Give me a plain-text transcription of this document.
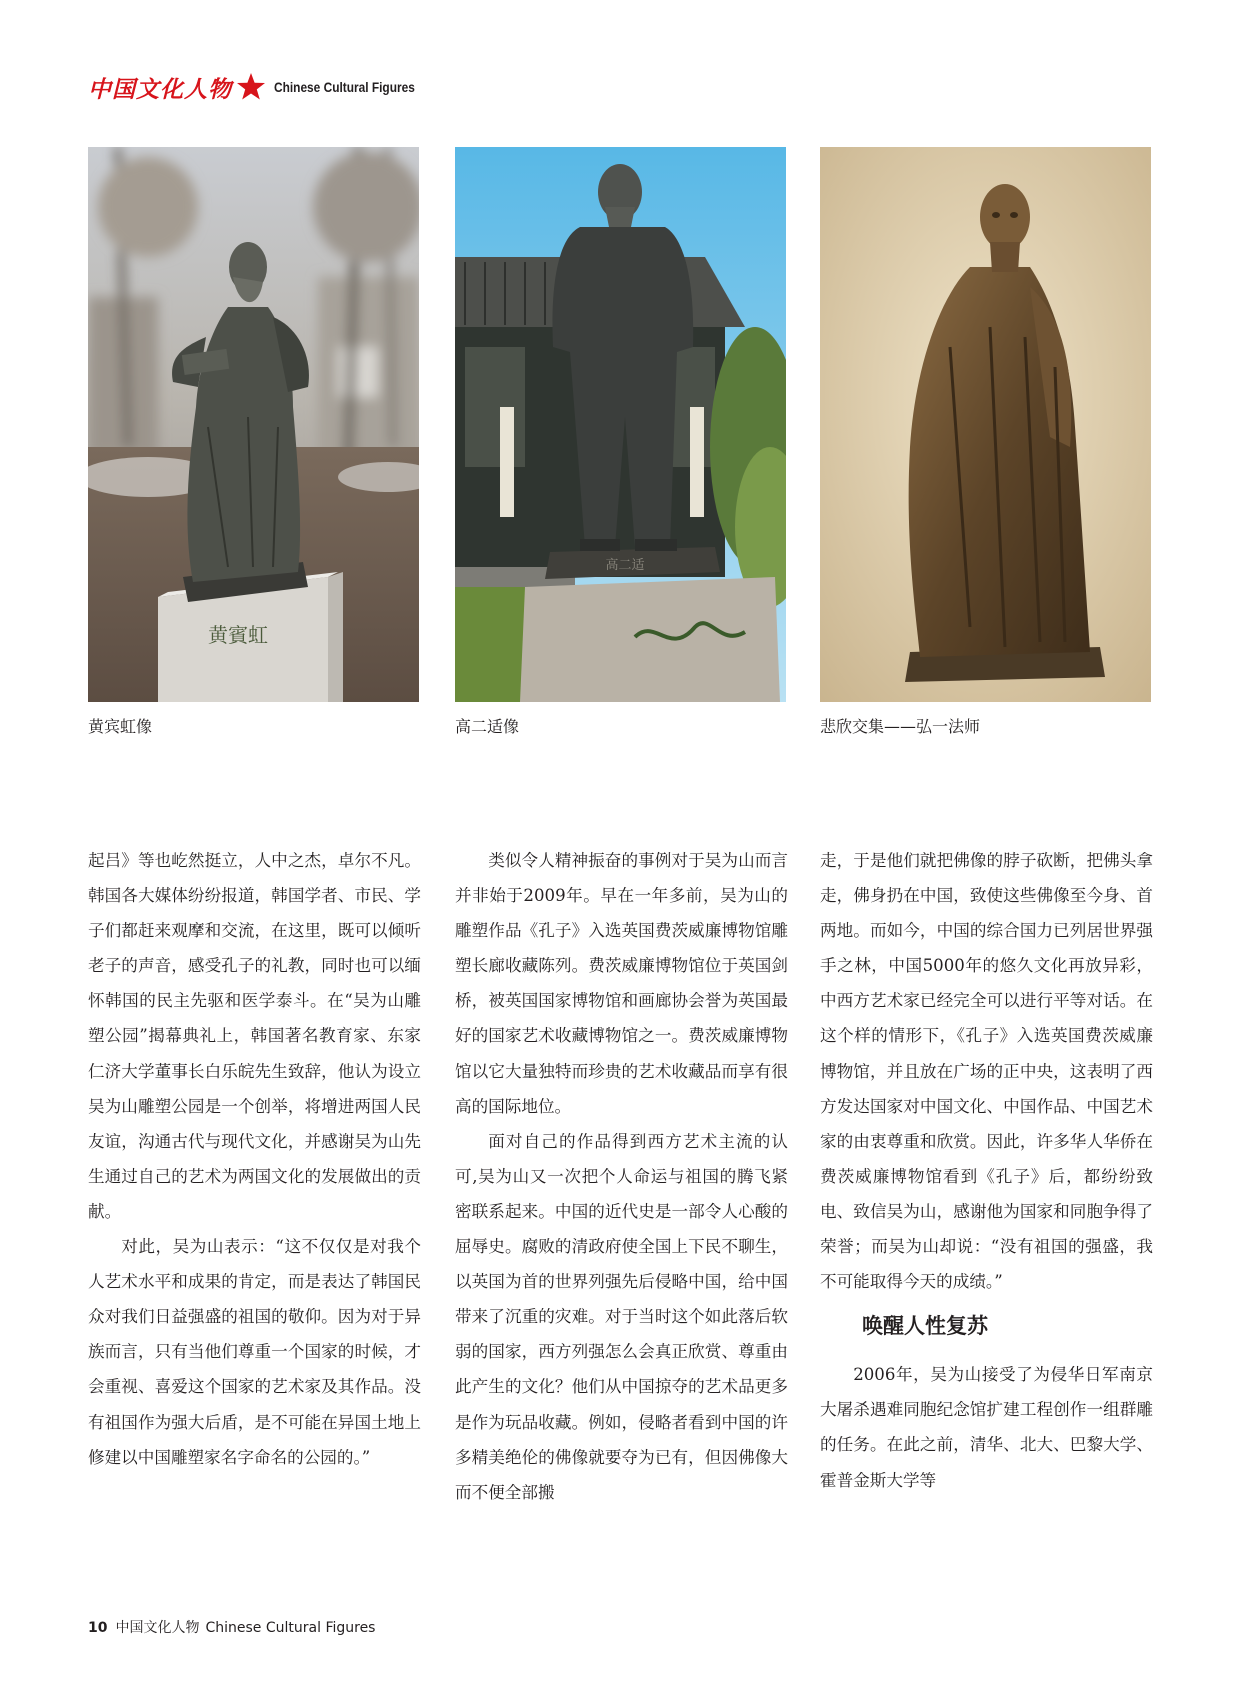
中国文化人物	Chinese Cultural Figures
黄賓虹
黄宾虹像
高二适
高二适像	悲欣交集——弘一法师

起吕》等也屹然挺立，人中之杰，卓尔不凡。韩国各大媒体纷纷报道，韩国学者、市民、学子们都赶来观摩和交流，在这里，既可以倾听老子的声音，感受孔子的礼教，同时也可以缅怀韩国的民主先驱和医学泰斗。在“吴为山雕塑公园”揭幕典礼上，韩国著名教育家、东家仁济大学董事长白乐皖先生致辞，他认为设立吴为山雕塑公园是一个创举，将增进两国人民友谊，沟通古代与现代文化，并感谢吴为山先生通过自己的艺术为两国文化的发展做出的贡献。

对此，吴为山表示：“这不仅仅是对我个人艺术水平和成果的肯定，而是表达了韩国民众对我们日益强盛的祖国的敬仰。因为对于异族而言，只有当他们尊重一个国家的时候，才会重视、喜爱这个国家的艺术家及其作品。没有祖国作为强大后盾，是不可能在异国土地上修建以中国雕塑家名字命名的公园的。”

类似令人精神振奋的事例对于吴为山而言并非始于2009年。早在一年多前，吴为山的雕塑作品《孔子》入选英国费茨威廉博物馆雕塑长廊收藏陈列。费茨威廉博物馆位于英国剑桥，被英国国家博物馆和画廊协会誉为英国最好的国家艺术收藏博物馆之一。费茨威廉博物馆以它大量独特而珍贵的艺术收藏品而享有很高的国际地位。

面对自己的作品得到西方艺术主流的认可,吴为山又一次把个人命运与祖国的腾飞紧密联系起来。中国的近代史是一部令人心酸的屈辱史。腐败的清政府使全国上下民不聊生，以英国为首的世界列强先后侵略中国，给中国带来了沉重的灾难。对于当时这个如此落后软弱的国家，西方列强怎么会真正欣赏、尊重由此产生的文化？他们从中国掠夺的艺术品更多是作为玩品收藏。例如，侵略者看到中国的许多精美绝伦的佛像就要夺为已有，但因佛像大而不便全部搬

走，于是他们就把佛像的脖子砍断，把佛头拿走，佛身扔在中国，致使这些佛像至今身、首两地。而如今，中国的综合国力已列居世界强手之林，中国5000年的悠久文化再放异彩，中西方艺术家已经完全可以进行平等对话。在这个样的情形下，《孔子》入选英国费茨威廉博物馆，并且放在广场的正中央，这表明了西方发达国家对中国文化、中国作品、中国艺术家的由衷尊重和欣赏。因此，许多华人华侨在费茨威廉博物馆看到《孔子》后，都纷纷致电、致信吴为山，感谢他为国家和同胞争得了荣誉；而吴为山却说：“没有祖国的强盛，我不可能取得今天的成绩。”

唤醒人性复苏

2006年，吴为山接受了为侵华日军南京大屠杀遇难同胞纪念馆扩建工程创作一组群雕的任务。在此之前，清华、北大、巴黎大学、霍普金斯大学等

10 中国文化人物 Chinese Cultural Figures
